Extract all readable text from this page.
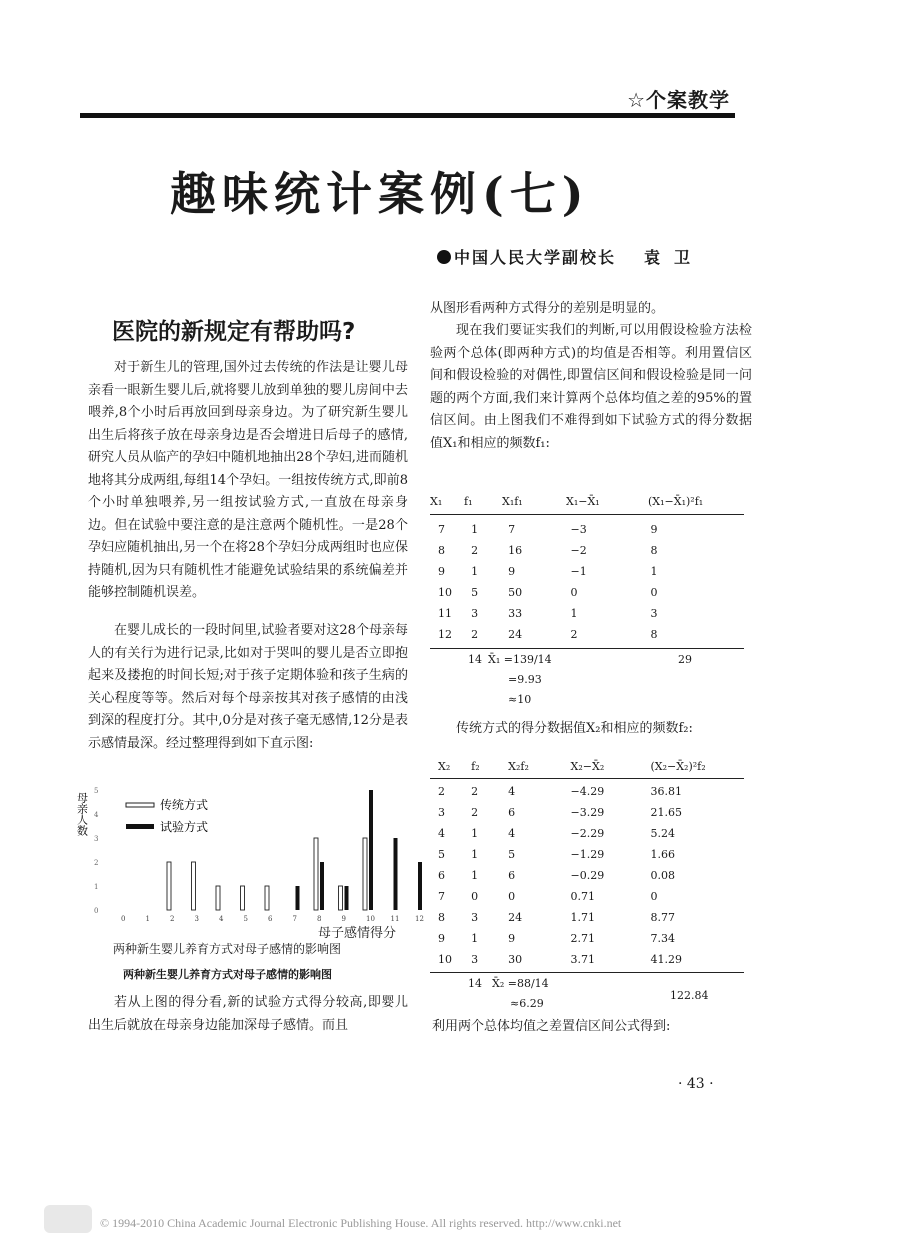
☆个案教学
趣味统计案例(七)
中国人民大学副校长 袁卫
医院的新规定有帮助吗?
对于新生儿的管理,国外过去传统的作法是让婴儿母亲看一眼新生婴儿后,就将婴儿放到单独的婴儿房间中去喂养,8个小时后再放回到母亲身边。为了研究新生婴儿出生后将孩子放在母亲身边是否会增进日后母子的感情,研究人员从临产的孕妇中随机地抽出28个孕妇,进而随机地将其分成两组,每组14个孕妇。一组按传统方式,即前8个小时单独喂养,另一组按试验方式,一直放在母亲身边。但在试验中要注意的是注意两个随机性。一是28个孕妇应随机抽出,另一个在将28个孕妇分成两组时也应保持随机,因为只有随机性才能避免试验结果的系统偏差并能够控制随机误差。
在婴儿成长的一段时间里,试验者要对这28个母亲每人的有关行为进行记录,比如对于哭叫的婴儿是否立即抱起来及搂抱的时间长短;对于孩子定期体验和孩子生病的关心程度等等。然后对每个母亲按其对孩子感情的由浅到深的程度打分。其中,0分是对孩子毫无感情,12分是表示感情最深。经过整理得到如下直示图:
母亲人数
0
1
2
3
4
5
0	1	2	3	4	5	6	7	8	9	10 11 12
传统方式
试验方式
母子感情得分
两种新生婴儿养育方式对母子感情的影响图
两种新生婴儿养育方式对母子感情的影响图
若从上图的得分看,新的试验方式得分较高,即婴儿出生后就放在母亲身边能加深母子感情。而且
从图形看两种方式得分的差别是明显的。
现在我们要证实我们的判断,可以用假设检验方法检验两个总体(即两种方式)的均值是否相等。利用置信区间和假设检验的对偶性,即置信区间和假设检验是同一问题的两个方面,我们来计算两个总体均值之差的95%的置信区间。由上图我们不难得到如下试验方式的得分数据值X₁和相应的频数f₁:
X₁	f₁	X₁f₁	X₁−X̄₁	(X₁−X̄₁)²f₁
7	1	7	−3	9
8	2	16	−2	8
9	1	9	−1	1
10	5	50	0	0
11	3	33	1	3
12	2	24	2	8
14 X̄₁ =139/14
=9.93
≈10
29
传统方式的得分数据值X₂和相应的频数f₂:
X₂	f₂	X₂f₂	X₂−X̄₂	(X₂−X̄₂)²f₂
2	2	4	−4.29	36.81
3	2	6	−3.29	21.65
4	1	4	−2.29	5.24
5	1	5	−1.29	1.66
6	1	6	−0.29	0.08
7	0	0	0.71	0
8	3	24	1.71	8.77
9	1	9	2.71	7.34
10	3	30	3.71	41.29
14 X̄₂ =88/14
≈6.29
122.84
利用两个总体均值之差置信区间公式得到:
· 43 ·
© 1994-2010 China Academic Journal Electronic Publishing House. All rights reserved. http://www.cnki.net
